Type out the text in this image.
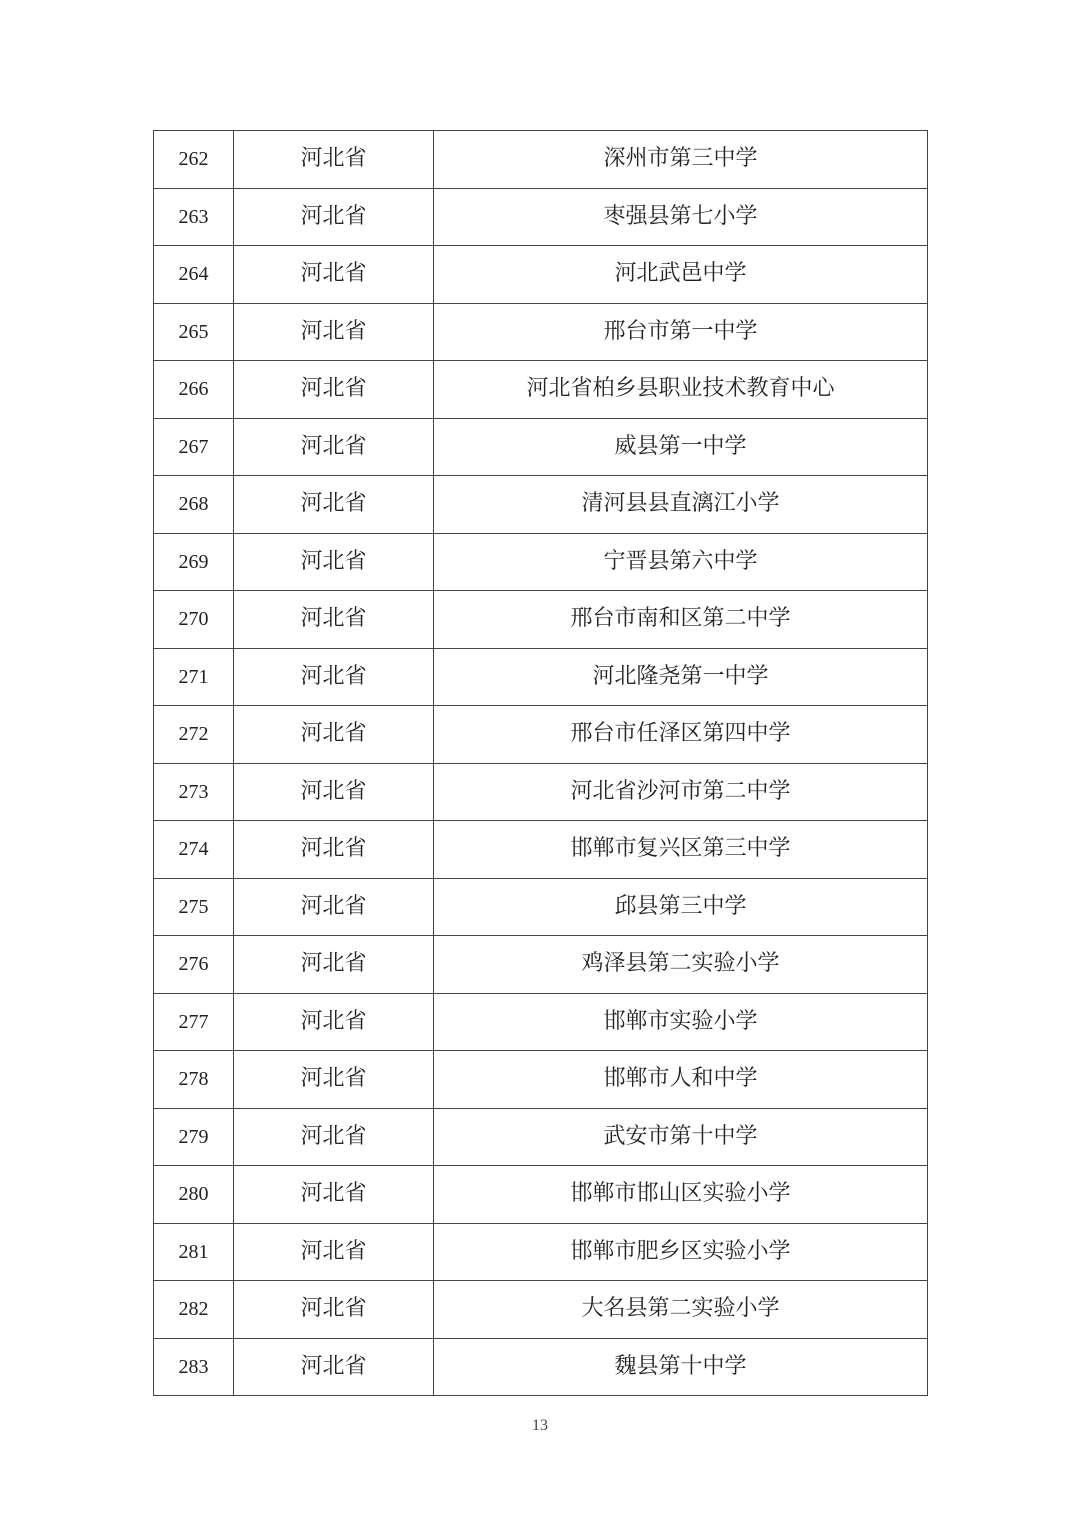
262	河北省	深州市第三中学
263	河北省	枣强县第七小学
264	河北省	河北武邑中学
265	河北省	邢台市第一中学
266	河北省	河北省柏乡县职业技术教育中心
267	河北省	威县第一中学
268	河北省	清河县县直漓江小学
269	河北省	宁晋县第六中学
270	河北省	邢台市南和区第二中学
271	河北省	河北隆尧第一中学
272	河北省	邢台市任泽区第四中学
273	河北省	河北省沙河市第二中学
274	河北省	邯郸市复兴区第三中学
275	河北省	邱县第三中学
276	河北省	鸡泽县第二实验小学
277	河北省	邯郸市实验小学
278	河北省	邯郸市人和中学
279	河北省	武安市第十中学
280	河北省	邯郸市邯山区实验小学
281	河北省	邯郸市肥乡区实验小学
282	河北省	大名县第二实验小学
283	河北省	魏县第十中学
13
